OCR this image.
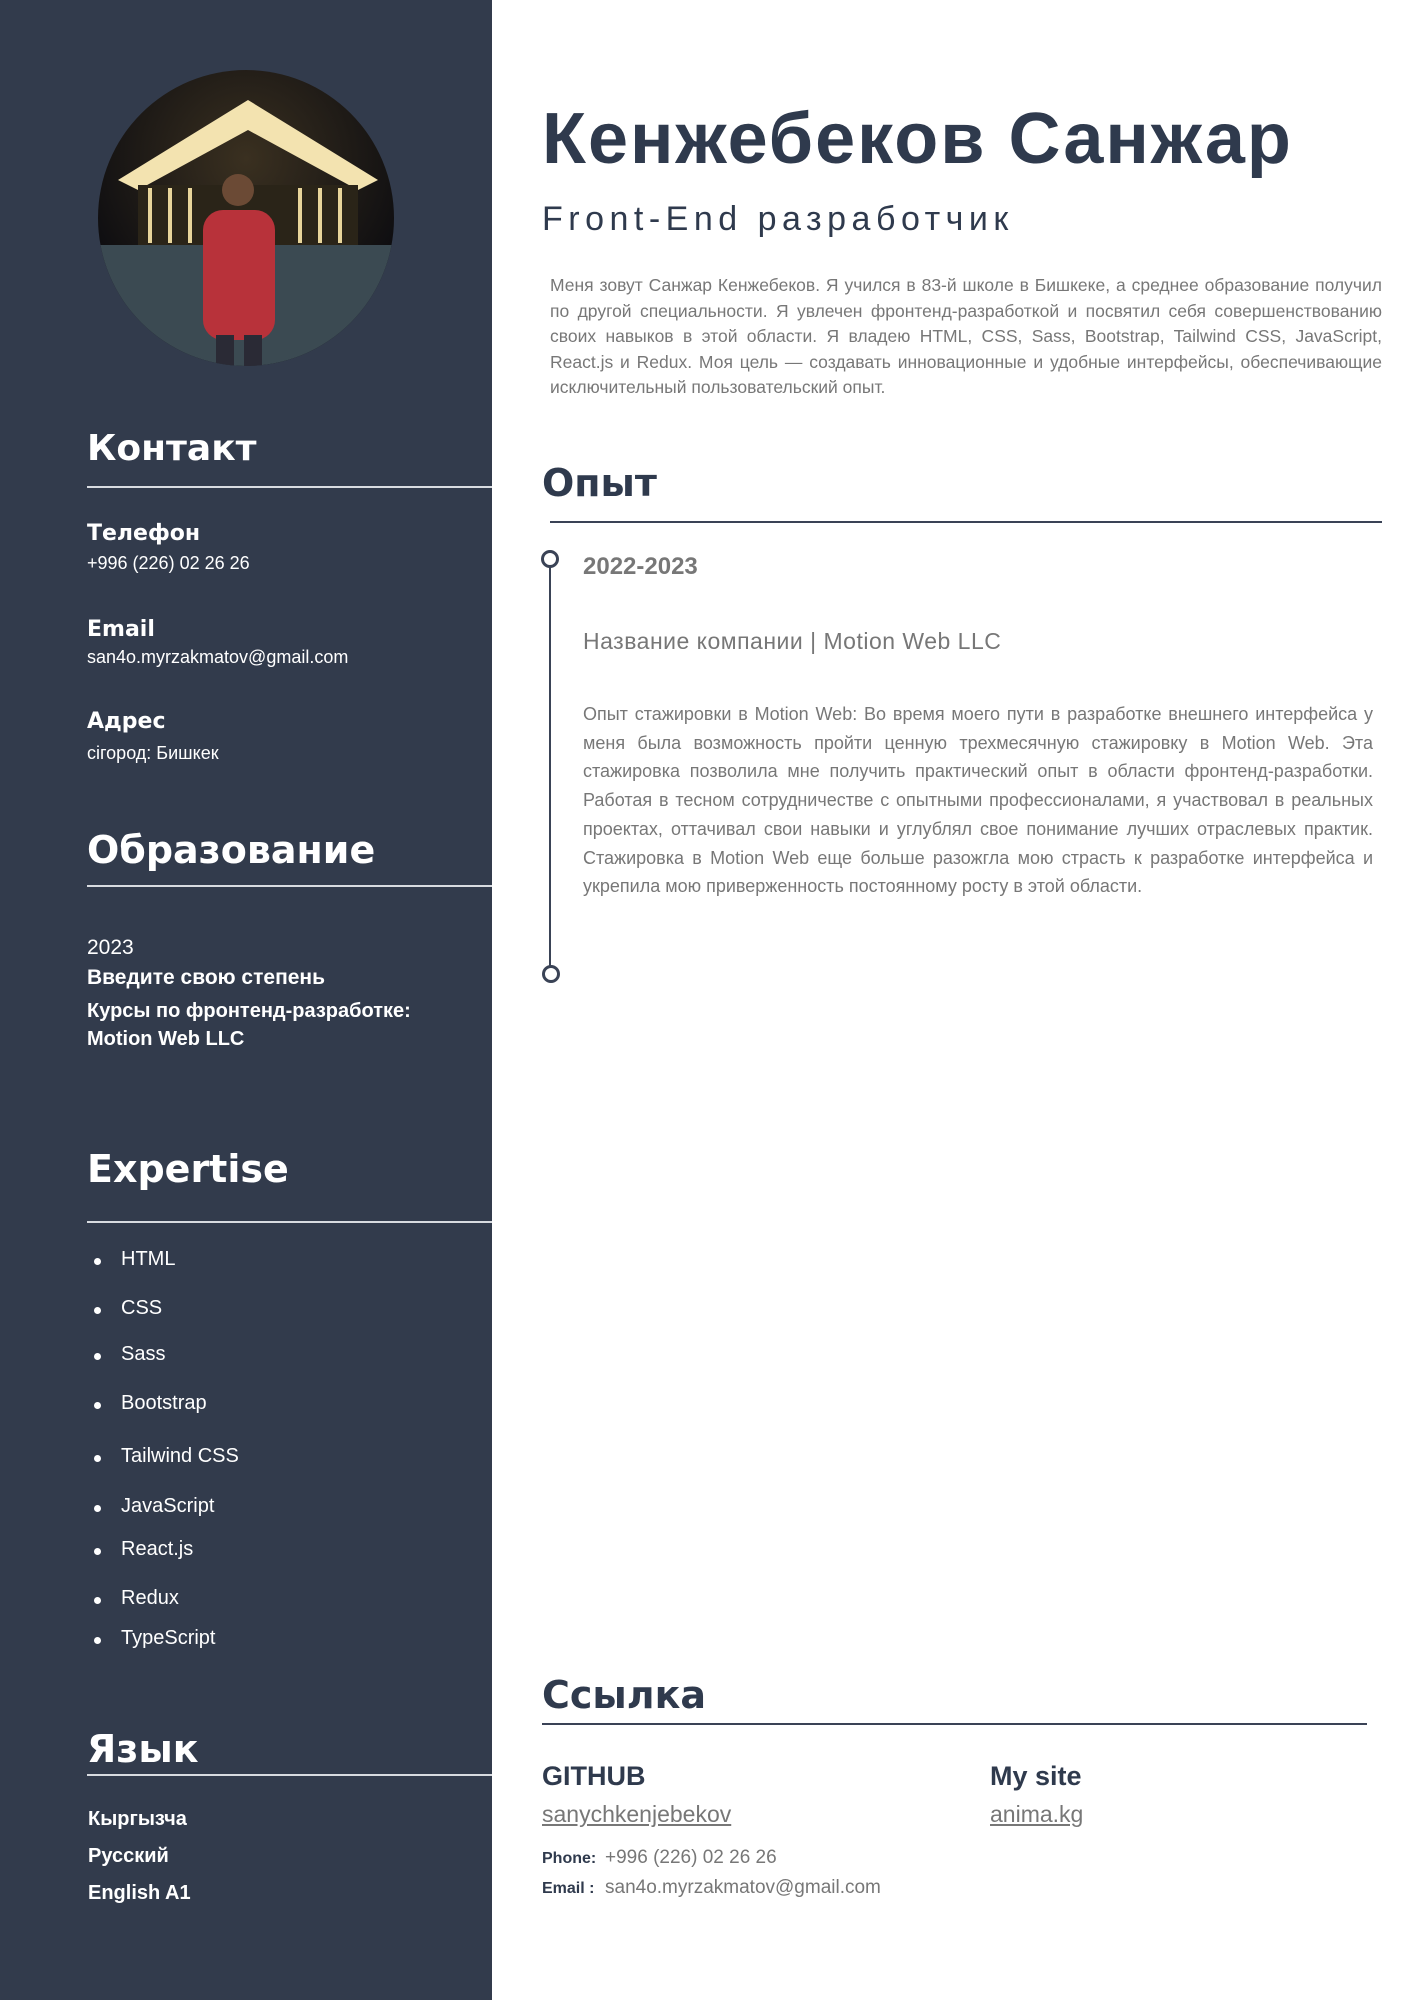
Контакт
Телефон
+996 (226) 02 26 26
Email
san4o.myrzakmatov@gmail.com
Адрес
сігород: Бишкек
Образование
2023
Введите свою степень
Курсы по фронтенд-разработке:
Motion Web LLC
Expertise
HTML
CSS
Sass
Bootstrap
Tailwind CSS
JavaScript
React.js
Redux
TypeScript
Язык
Кыргызча
Русский
English A1
Кенжебеков Санжар
Front-End разработчик
Меня зовут Санжар Кенжебеков. Я учился в 83-й школе в Бишкеке, а среднее образование получил по другой специальности. Я увлечен фронтенд-разработкой и посвятил себя совершенствованию своих навыков в этой области. Я владею HTML, CSS, Sass, Bootstrap, Tailwind CSS, JavaScript, React.js и Redux. Моя цель — создавать инновационные и удобные интерфейсы, обеспечивающие исключительный пользовательский опыт.
Опыт
2022-2023
Название компании | Motion Web LLC
Опыт стажировки в Motion Web: Во время моего пути в разработке внешнего интерфейса у меня была возможность пройти ценную трехмесячную стажировку в Motion Web. Эта стажировка позволила мне получить практический опыт в области фронтенд-разработки. Работая в тесном сотрудничестве с опытными профессионалами, я участвовал в реальных проектах, оттачивал свои навыки и углублял свое понимание лучших отраслевых практик. Стажировка в Motion Web еще больше разожгла мою страсть к разработке интерфейса и укрепила мою приверженность постоянному росту в этой области.
Ссылка
GITHUB
sanychkenjebekov
My site
anima.kg
Phone: +996 (226) 02 26 26
Email : san4o.myrzakmatov@gmail.com
